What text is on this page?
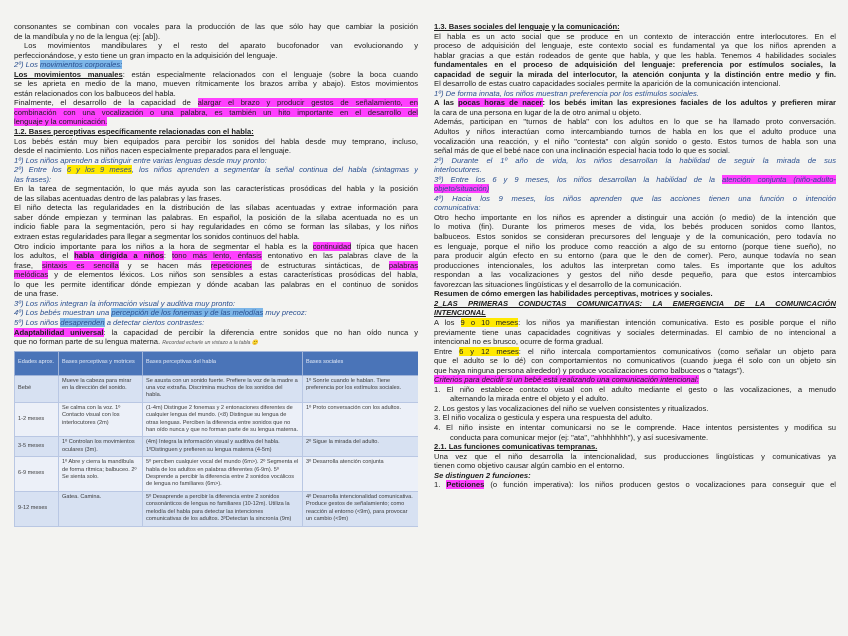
consonantes se combinan con vocales para la producción de las que sólo hay que cambiar la posición
de la mandíbula y no de la lengua (ej: [ab]).
Los movimientos mandibulares y el resto del aparato bucofonador van evolucionando y
perfeccionándose, y esto tiene un gran impacto en la adquisición del lenguaje.
2º) Los movimientos corporales:
Los movimientos manuales: están especialmente relacionados con el lenguaje (sobre la boca cuando
se les aprieta en medio de la mano, mueven rítmicamente los brazos arriba y abajo). Estos movimientos
están relacionados con los balbuceos del habla.
Finalmente, el desarrollo de la capacidad de alargar el brazo y producir gestos de señalamiento, en
combinación con una vocalización o una palabra, es también un hito importante en el desarrollo del
lenguaje y la comunicación.
1.2. Bases perceptivas específicamente relacionadas con el habla:
Los bebés están muy bien equipados para percibir los sonidos del habla desde muy temprano, incluso,
desde el nacimiento. Los niños nacen especialmente preparados para el lenguaje.
1º) Los niños aprenden a distinguir entre varias lenguas desde muy pronto:
2º) Entre los 6 y los 9 meses, los niños aprenden a segmentar la señal continua del habla (sintagmas y
las frases):
En la tarea de segmentación, lo que más ayuda son las características prosódicas del habla y la posición
de las sílabas acentuadas dentro de las palabras y las frases.
El niño detecta las regularidades en la distribución de las sílabas acentuadas y extrae información para
saber dónde empiezan y terminan las palabras. En español, la posición de la sílaba acentuada no es un
indicio fiable para la segmentación, pero si hay regularidades en cómo se forman las sílabas, y los niños
extraen estas regularidades para llegar a segmentar los sonidos continuos del habla.
Otro indicio importante para los niños a la hora de segmentar el habla es la continuidad típica que hacen
los adultos, el habla dirigida a niños: tono más lento, énfasis entonativo en las palabras clave de la
frase, sintaxis es sencilla y se hacen más repeticiones de estructuras sintácticas, de palabras
melódicas y de elementos léxicos. Los niños son sensibles a estas características prosódicas del habla,
lo que les permite identificar dónde empiezan y dónde acaban las palabras en el continuo de sonidos
de una frase.
3º) Los niños integran la información visual y auditiva muy pronto:
4º) Los bebés muestran una percepción de los fonemas y de las melodías muy precoz:
5º) Los niños desaprenden a detectar ciertos contrastes:
Adaptabilidad universal: la capacidad de percibir la diferencia entre sonidos que no han oído nunca y
que no forman parte de su lengua materna. Recordad echarle un vistazo a la tabla 🙂
Edades aprox.	Bases perceptivas y motrices	Bases perceptivas del habla	Bases sociales
Bebé	Mueve la cabeza para mirar en la dirección del sonido.	Se asusta con un sonido fuerte. Prefiere la voz de la madre a una voz extraña. Discrimina muchos de los sonidos del habla.	1º Sonríe cuando le hablan. Tiene preferencia por los estímulos sociales.
1-2 meses	Se calma con la voz. 1º Contacto visual con los interlocutores (2m)	(1-4m) Distingue 2 fonemas y 2 entonaciones diferentes de cualquier lengua del mundo. (<8) Distingue su lengua de otras lenguas. Perciben la diferencia entre sonidos que no han oído nunca y que no forman parte de su lengua materna.	1º Proto conversación con los adultos.
3-5 meses	1º Controlan los movimientos oculares (3m).	(4m) Integra la información visual y auditiva del habla. 1ºDistinguen y prefieren su lengua materna (4-5m)	2º Sigue la mirada del adulto.
6-9 meses	1º Abre y cierra la mandíbula de forma rítmica; balbuceo. 2º Se sienta solo.	5º perciben cualquier vocal del mundo (6m>). 2º Segmenta el habla de los adultos en palabras diferentes (6-9m). 5º Desprende a percibir la diferencia entre 2 sonidos vocálicos de lengua no familiares (6m>).	3º Desarrolla atención conjunta
9-12 meses	Gatea. Camina.	5º Desaprende a percibir la diferencia entre 2 sonidos consonánticos de lengua no familiares (10-12m). Utiliza la melodía del habla para detectar las intenciones comunicativas de los adultos. 3ºDetectan la sincronía (9m)	4º Desarrolla intencionalidad comunicativa. Produce gestos de señalamiento; como reacción al entorno (<9m), para provocar un cambio (<9m)
1.3. Bases sociales del lenguaje y la comunicación:
El habla es un acto social que se produce en un contexto de interacción entre interlocutores. En el
proceso de adquisición del lenguaje, este contexto social es fundamental ya que los niños aprenden a
hablar gracias a que están rodeados de gente que habla, y que les habla. Tenemos 4 habilidades sociales
fundamentales en el proceso de adquisición del lenguaje: preferencia por estímulos sociales, la
capacidad de seguir la mirada del interlocutor, la atención conjunta y la distinción entre medio y fin.
El desarrollo de estas cuatro capacidades sociales permite la aparición de la comunicación intencional.
1º) De forma innata, los niños muestran preferencia por los estímulos sociales.
A las pocas horas de nacer: los bebés imitan las expresiones faciales de los adultos y prefieren mirar
la cara de una persona en lugar de la de otro animal u objeto.
Además, participan en "turnos de habla" con los adultos en lo que se ha llamado proto conversación.
Adultos y niños interactúan como intercambiando turnos de habla en los que el adulto produce una
vocalización una reacción, y el niño "contesta" con algún sonido o gesto. Estos turnos de habla son una
señal más de que el bebé nace con una inclinación especial hacia todo lo que es social.
2º) Durante el 1º año de vida, los niños desarrollan la habilidad de seguir la mirada de sus
interlocutores.
3º) Entre los 6 y 9 meses, los niños desarrollan la habilidad de la atención conjunta (niño-adulto-
objeto/situación)
4º) Hacia los 9 meses, los niños aprenden que las acciones tienen una función o intención
comunicativa:
Otro hecho importante en los niños es aprender a distinguir una acción (o medio) de la intención que
lo motiva (fin). Durante los primeros meses de vida, los bebés producen sonidos como llantos,
balbuceos. Estos sonidos se consideran precursores del lenguaje y de la comunicación, pero todavía no
es lenguaje, porque el niño los produce como reacción a algo de su entorno (porque tiene sueño), no
para producir algún efecto en su entorno (para que le den de comer). Pero, aunque todavía no sean
producciones intencionales, los adultos las interpretan como tales. Es importante que los adultos
respondan a las vocalizaciones y gestos del niño desde pequeño, para que estos intercambios
favorezcan las situaciones lingüísticas y el desarrollo de la comunicación.
Resumen de cómo emergen las habilidades perceptivas, motrices y sociales.
2_LAS PRIMERAS CONDUCTAS COMUNICATIVAS: LA EMERGENCIA DE LA COMUNICACIÓN
INTENCIONAL
A los 9 o 10 meses: los niños ya manifiestan intención comunicativa. Esto es posible porque el niño
previamente tiene unas capacidades cognitivas y sociales determinadas. El cambio de no intencional a
intencional no es brusco, ocurre de forma gradual.
Entre 6 y 12 meses: el niño intercala comportamientos comunicativos (como señalar un objeto para
que el adulto se lo dé) con comportamientos no comunicativos (cuando juega él solo con un objeto sin
que haya ninguna persona alrededor) y produce vocalizaciones como balbuceos o "tatags").
Criterios para decidir si un bebé está realizando una comunicación intencional:
1. El niño establece contacto visual con el adulto mediante el gesto o las vocalizaciones, a menudo
alternando la mirada entre el objeto y el adulto.
2. Los gestos y las vocalizaciones del niño se vuelven consistentes y ritualizados.
3. El niño vocaliza o gesticula y espera una respuesta del adulto.
4. El niño insiste en intentar comunicarsi no se le comprende. Hace intentos persistentes y modifica su
conducta para comunicar mejor (ej: "ata", "ahhhhhhh"), y así sucesivamente.
2.1. Las funciones comunicativas tempranas.
Una vez que el niño desarrolla la intencionalidad, sus producciones lingüísticas y comunicativas ya
tienen como objetivo causar algún cambio en el entorno.
Se distinguen 2 funciones:
1. Peticiones (o función imperativa): los niños producen gestos o vocalizaciones para conseguir que el
